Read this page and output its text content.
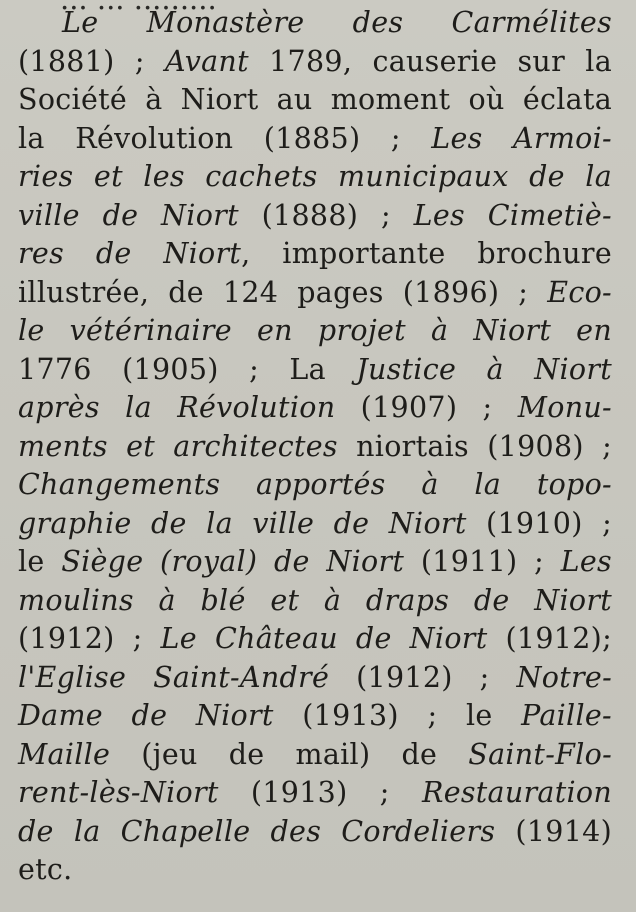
Le Monastère des Carmélites
(1881) ; Avant 1789, causerie sur la
Société à Niort au moment où éclata
la Révolution (1885) ; Les Armoi-
ries et les cachets municipaux de la
ville de Niort (1888) ; Les Cimetiè-
res de Niort, importante brochure
illustrée, de 124 pages (1896) ; Eco-
le vétérinaire en projet à Niort en
1776 (1905) ; La Justice à Niort
après la Révolution (1907) ; Monu-
ments et architectes niortais (1908) ;
Changements apportés à la topo-
graphie de la ville de Niort (1910) ;
le Siège (royal) de Niort (1911) ; Les
moulins à blé et à draps de Niort
(1912) ; Le Château de Niort (1912);
l'Eglise Saint-André (1912) ; Notre-
Dame de Niort (1913) ; le Paille-
Maille (jeu de mail) de Saint-Flo-
rent-lès-Niort (1913) ; Restauration
de la Chapelle des Cordeliers (1914)
etc.
